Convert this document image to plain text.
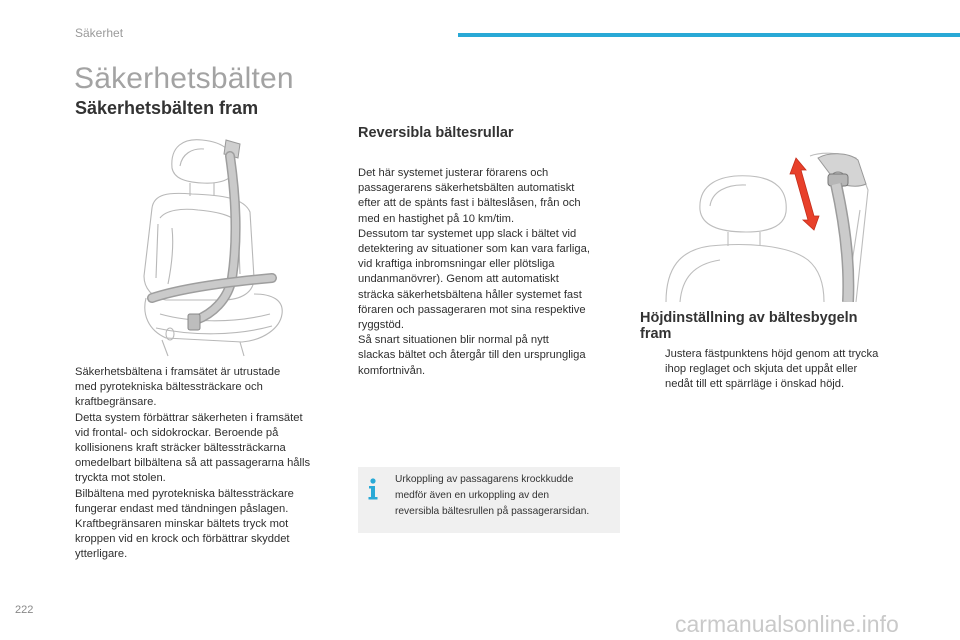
Säkerhet
Säkerhetsbälten
Säkerhetsbälten fram
Säkerhetsbältena i framsätet är utrustade
med pyrotekniska bältessträckare och
kraftbegränsare.
Detta system förbättrar säkerheten i framsätet
vid frontal- och sidokrockar. Beroende på
kollisionens kraft sträcker bältessträckarna
omedelbart bilbältena så att passagerarna hålls
tryckta mot stolen.
Bilbältena med pyrotekniska bältessträckare
fungerar endast med tändningen påslagen.
Kraftbegränsaren minskar bältets tryck mot
kroppen vid en krock och förbättrar skyddet
ytterligare.
Reversibla bältesrullar
Det här systemet justerar förarens och
passagerarens säkerhetsbälten automatiskt
efter att de spänts fast i bälteslåsen, från och
med en hastighet på 10 km/tim.
Dessutom tar systemet upp slack i bältet vid
detektering av situationer som kan vara farliga,
vid kraftiga inbromsningar eller plötsliga
undanmanövrer). Genom att automatiskt
sträcka säkerhetsbältena håller systemet fast
föraren och passageraren mot sina respektive
ryggstöd.
Så snart situationen blir normal på nytt
slackas bältet och återgår till den ursprungliga
komfortnivån.
Urkoppling av passagarens krockkudde
medför även en urkoppling av den
reversibla bältesrullen på passagerarsidan.
Höjdinställning av bältesbygeln
fram
Justera fästpunktens höjd genom att trycka
ihop reglaget och skjuta det uppåt eller
nedåt till ett spärrläge i önskad höjd.
222
carmanualsonline.info
